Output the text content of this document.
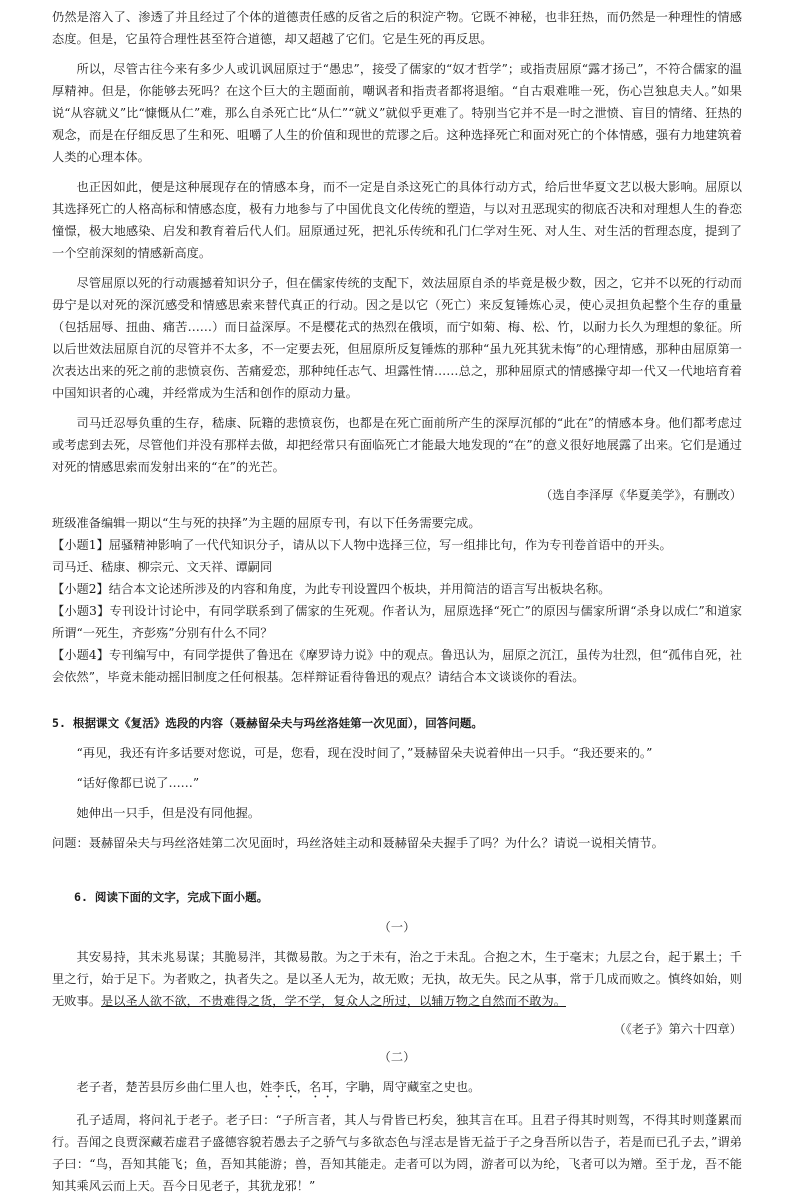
仍然是溶入了、渗透了并且经过了个体的道德责任感的反省之后的积淀产物。它既不神秘，也非狂热，而仍然是一种理性的情感态度。但是，它虽符合理性甚至符合道德，却又超越了它们。它是生死的再反思。

所以，尽管古往今来有多少人或讥讽屈原过于“愚忠”，接受了儒家的“奴才哲学”；或指责屈原“露才扬己”，不符合儒家的温厚精神。但是，你能够去死吗？在这个巨大的主题面前，嘲讽者和指责者都将退缩。“自古艰难唯一死，伤心岂独息夫人。”如果说“从容就义”比“慷慨从仁”难，那么自杀死亡比“从仁”“就义”就似乎更难了。特别当它并不是一时之泄愤、盲目的情绪、狂热的观念，而是在仔细反思了生和死、咀嚼了人生的价值和现世的荒谬之后。这种选择死亡和面对死亡的个体情感，强有力地建筑着人类的心理本体。

也正因如此，便是这种展现存在的情感本身，而不一定是自杀这死亡的具体行动方式，给后世华夏文艺以极大影响。屈原以其选择死亡的人格高标和情感态度，极有力地参与了中国优良文化传统的塑造，与以对丑恶现实的彻底否决和对理想人生的眷恋憧憬，极大地感染、启发和教育着后代人们。屈原通过死，把礼乐传统和孔门仁学对生死、对人生、对生活的哲理态度，提到了一个空前深刻的情感新高度。

尽管屈原以死的行动震撼着知识分子，但在儒家传统的支配下，效法屈原自杀的毕竟是极少数，因之，它并不以死的行动而毋宁是以对死的深沉感受和情感思索来替代真正的行动。因之是以它（死亡）来反复锤炼心灵，使心灵担负起整个生存的重量（包括屈辱、扭曲、痛苦……）而日益深厚。不是樱花式的热烈在俄顷，而宁如菊、梅、松、竹，以耐力长久为理想的象征。所以后世效法屈原自沉的尽管并不太多，不一定要去死，但屈原所反复锤炼的那种“虽九死其犹未悔”的心理情感，那种由屈原第一次表达出来的死之前的悲愤哀伤、苦痛爱恋，那种纯任志气、坦露性情……总之，那种屈原式的情感操守却一代又一代地培育着中国知识者的心魂，并经常成为生活和创作的原动力量。

司马迁忍辱负重的生存，嵇康、阮籍的悲愤哀伤，也都是在死亡面前所产生的深厚沉郁的“此在”的情感本身。他们都考虑过或考虑到去死，尽管他们并没有那样去做，却把经常只有面临死亡才能最大地发现的“在”的意义很好地展露了出来。它们是通过对死的情感思索而发射出来的“在”的光芒。

（选自李泽厚《华夏美学》，有删改）

班级准备编辑一期以“生与死的抉择”为主题的屈原专刊，有以下任务需要完成。

【小题1】屈骚精神影响了一代代知识分子，请从以下人物中选择三位，写一组排比句，作为专刊卷首语中的开头。

司马迁、嵇康、柳宗元、文天祥、谭嗣同

【小题2】结合本文论述所涉及的内容和角度，为此专刊设置四个板块，并用简洁的语言写出板块名称。

【小题3】专刊设计讨论中，有同学联系到了儒家的生死观。作者认为，屈原选择“死亡”的原因与儒家所谓“杀身以成仁”和道家所谓“一死生，齐彭殇”分别有什么不同？

【小题4】专刊编写中，有同学提供了鲁迅在《摩罗诗力说》中的观点。鲁迅认为，屈原之沉江，虽传为壮烈，但“孤伟自死，社会依然”，毕竟未能动摇旧制度之任何根基。怎样辩证看待鲁迅的观点？请结合本文谈谈你的看法。

5. 根据课文《复活》选段的内容（聂赫留朵夫与玛丝洛娃第一次见面），回答问题。

“再见，我还有许多话要对您说，可是，您看，现在没时间了，”聂赫留朵夫说着伸出一只手。“我还要来的。”

“话好像都已说了……”

她伸出一只手，但是没有同他握。

问题：聂赫留朵夫与玛丝洛娃第二次见面时，玛丝洛娃主动和聂赫留朵夫握手了吗？为什么？请说一说相关情节。

6. 阅读下面的文字，完成下面小题。

（一）

其安易持，其未兆易谋；其脆易泮，其微易散。为之于未有，治之于未乱。合抱之木，生于毫末；九层之台，起于累土；千里之行，始于足下。为者败之，执者失之。是以圣人无为，故无败；无执，故无失。民之从事，常于几成而败之。慎终如始，则无败事。是以圣人欲不欲，不贵难得之货，学不学，复众人之所过，以辅万物之自然而不敢为。

（《老子》第六十四章）

（二）

老子者，楚苦县厉乡曲仁里人也，姓李氏，名耳，字聃，周守藏室之史也。

孔子适周，将问礼于老子。老子曰：“子所言者，其人与骨皆已朽矣，独其言在耳。且君子得其时则驾，不得其时则蓬累而行。吾闻之良贾深藏若虚君子盛德容貌若愚去子之骄气与多欲态色与淫志是皆无益于子之身吾所以告子，若是而已孔子去，”谓弟子曰：“鸟，吾知其能飞；鱼，吾知其能游；兽，吾知其能走。走者可以为罔，游者可以为纶，飞者可以为矰。至于龙，吾不能知其乘风云而上天。吾今日见老子，其犹龙邪！”
